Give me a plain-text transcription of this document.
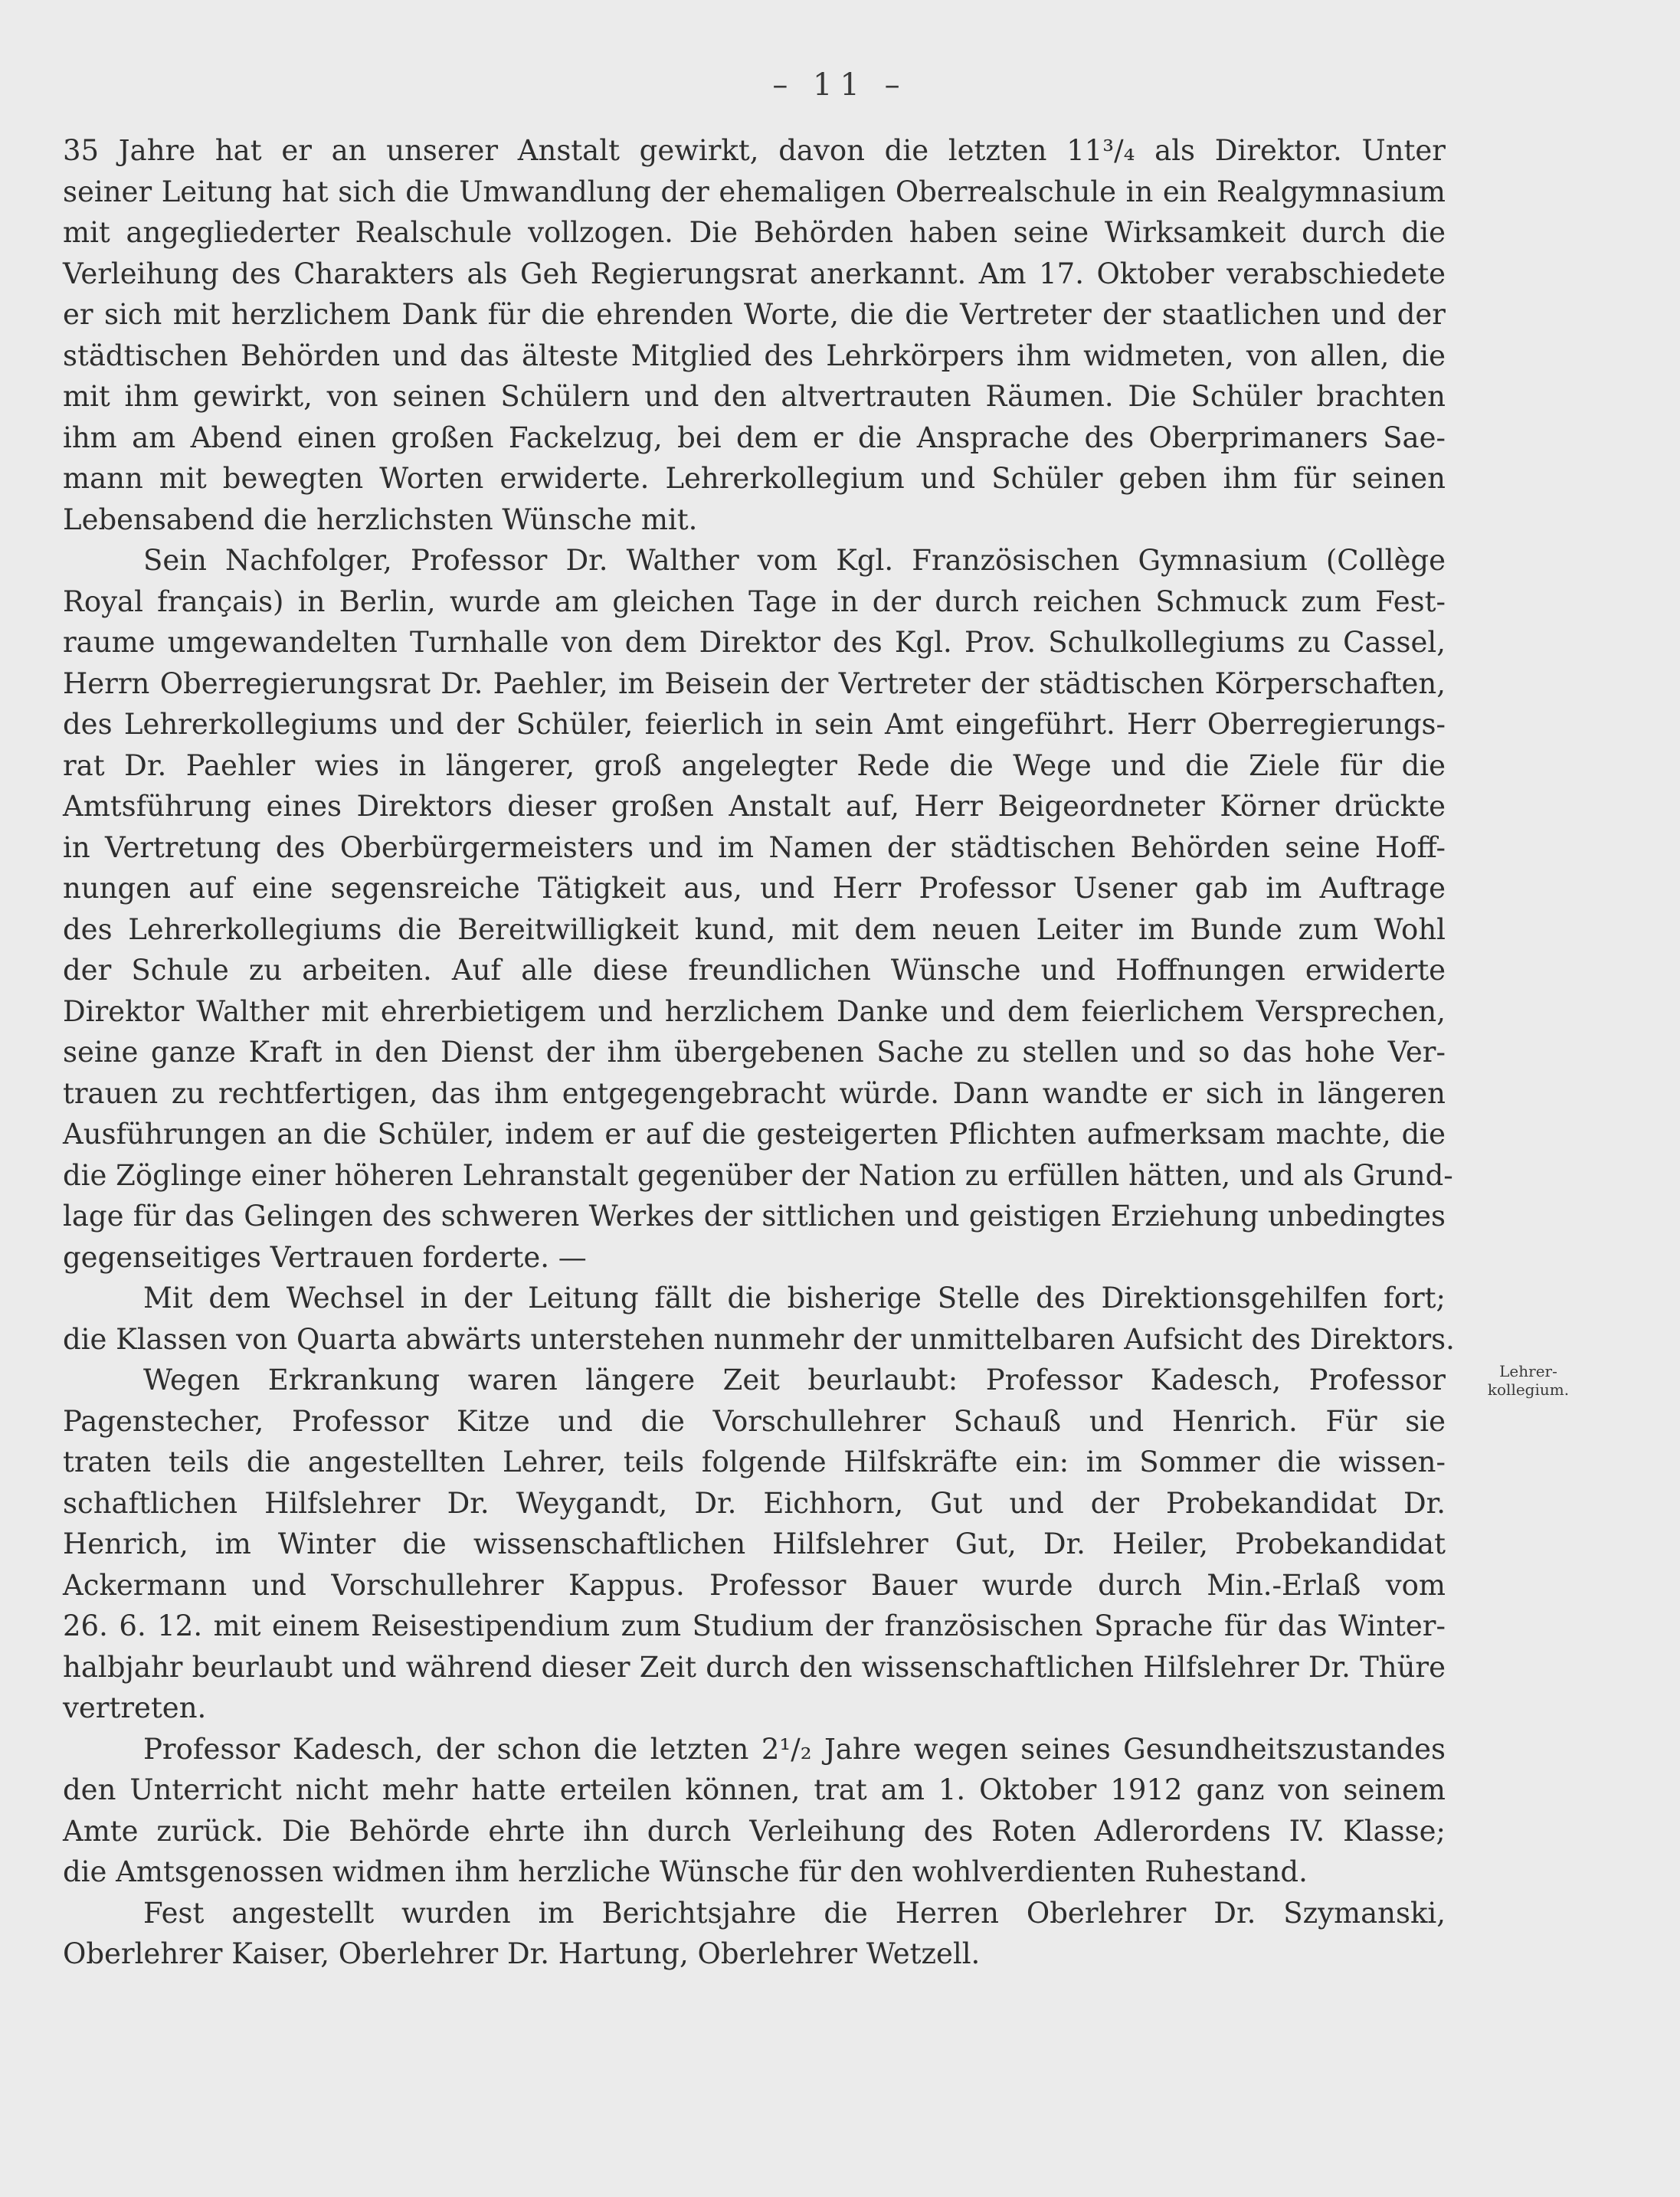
– 11 –
35 Jahre hat er an unserer Anstalt gewirkt, davon die letzten 11³/₄ als Direktor. Unter
seiner Leitung hat sich die Umwandlung der ehemaligen Oberrealschule in ein Realgymnasium
mit angegliederter Realschule vollzogen. Die Behörden haben seine Wirksamkeit durch die
Verleihung des Charakters als Geh Regierungsrat anerkannt. Am 17. Oktober verabschiedete
er sich mit herzlichem Dank für die ehrenden Worte, die die Vertreter der staatlichen und der
städtischen Behörden und das älteste Mitglied des Lehrkörpers ihm widmeten, von allen, die
mit ihm gewirkt, von seinen Schülern und den altvertrauten Räumen. Die Schüler brachten
ihm am Abend einen großen Fackelzug, bei dem er die Ansprache des Oberprimaners Sae-
mann mit bewegten Worten erwiderte. Lehrerkollegium und Schüler geben ihm für seinen
Lebensabend die herzlichsten Wünsche mit.
Sein Nachfolger, Professor Dr. Walther vom Kgl. Französischen Gymnasium (Collège
Royal français) in Berlin, wurde am gleichen Tage in der durch reichen Schmuck zum Fest-
raume umgewandelten Turnhalle von dem Direktor des Kgl. Prov. Schulkollegiums zu Cassel,
Herrn Oberregierungsrat Dr. Paehler, im Beisein der Vertreter der städtischen Körperschaften,
des Lehrerkollegiums und der Schüler, feierlich in sein Amt eingeführt. Herr Oberregierungs-
rat Dr. Paehler wies in längerer, groß angelegter Rede die Wege und die Ziele für die
Amtsführung eines Direktors dieser großen Anstalt auf, Herr Beigeordneter Körner drückte
in Vertretung des Oberbürgermeisters und im Namen der städtischen Behörden seine Hoff-
nungen auf eine segensreiche Tätigkeit aus, und Herr Professor Usener gab im Auftrage
des Lehrerkollegiums die Bereitwilligkeit kund, mit dem neuen Leiter im Bunde zum Wohl
der Schule zu arbeiten. Auf alle diese freundlichen Wünsche und Hoffnungen erwiderte
Direktor Walther mit ehrerbietigem und herzlichem Danke und dem feierlichem Versprechen,
seine ganze Kraft in den Dienst der ihm übergebenen Sache zu stellen und so das hohe Ver-
trauen zu rechtfertigen, das ihm entgegengebracht würde. Dann wandte er sich in längeren
Ausführungen an die Schüler, indem er auf die gesteigerten Pflichten aufmerksam machte, die
die Zöglinge einer höheren Lehranstalt gegenüber der Nation zu erfüllen hätten, und als Grund-
lage für das Gelingen des schweren Werkes der sittlichen und geistigen Erziehung unbedingtes
gegenseitiges Vertrauen forderte. —
Mit dem Wechsel in der Leitung fällt die bisherige Stelle des Direktionsgehilfen fort;
die Klassen von Quarta abwärts unterstehen nunmehr der unmittelbaren Aufsicht des Direktors.
Wegen Erkrankung waren längere Zeit beurlaubt: Professor Kadesch, Professor
Pagenstecher, Professor Kitze und die Vorschullehrer Schauß und Henrich. Für sie
traten teils die angestellten Lehrer, teils folgende Hilfskräfte ein: im Sommer die wissen-
schaftlichen Hilfslehrer Dr. Weygandt, Dr. Eichhorn, Gut und der Probekandidat Dr.
Henrich, im Winter die wissenschaftlichen Hilfslehrer Gut, Dr. Heiler, Probekandidat
Ackermann und Vorschullehrer Kappus. Professor Bauer wurde durch Min.-Erlaß vom
26. 6. 12. mit einem Reisestipendium zum Studium der französischen Sprache für das Winter-
halbjahr beurlaubt und während dieser Zeit durch den wissenschaftlichen Hilfslehrer Dr. Thüre
vertreten.
Professor Kadesch, der schon die letzten 2¹/₂ Jahre wegen seines Gesundheitszustandes
den Unterricht nicht mehr hatte erteilen können, trat am 1. Oktober 1912 ganz von seinem
Amte zurück. Die Behörde ehrte ihn durch Verleihung des Roten Adlerordens IV. Klasse;
die Amtsgenossen widmen ihm herzliche Wünsche für den wohlverdienten Ruhestand.
Fest angestellt wurden im Berichtsjahre die Herren Oberlehrer Dr. Szymanski,
Oberlehrer Kaiser, Oberlehrer Dr. Hartung, Oberlehrer Wetzell.
Lehrer-
kollegium.
